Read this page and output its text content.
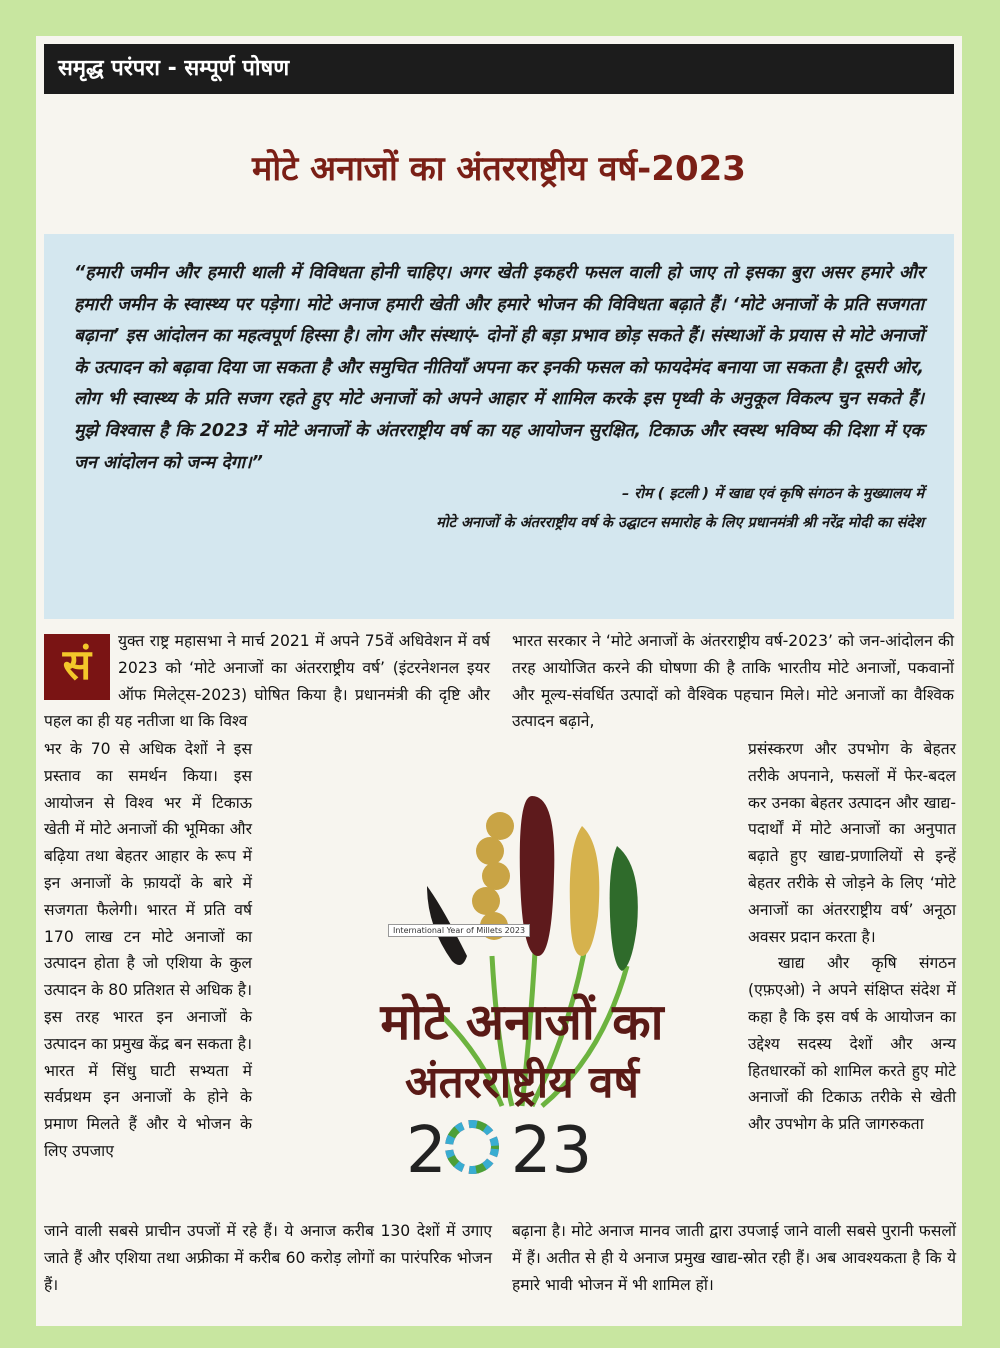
समृद्ध परंपरा - सम्पूर्ण पोषण
मोटे अनाजों का अंतरराष्ट्रीय वर्ष-2023

“हमारी जमीन और हमारी थाली में विविधता होनी चाहिए। अगर खेती इकहरी फसल वाली हो जाए तो इसका बुरा असर हमारे और हमारी जमीन के स्वास्थ्य पर पड़ेगा। मोटे अनाज हमारी खेती और हमारे भोजन की विविधता बढ़ाते हैं। ‘मोटे अनाजों के प्रति सजगता बढ़ाना’ इस आंदोलन का महत्वपूर्ण हिस्सा है। लोग और संस्थाएं- दोनों ही बड़ा प्रभाव छोड़ सकते हैं। संस्थाओं के प्रयास से मोटे अनाजों के उत्पादन को बढ़ावा दिया जा सकता है और समुचित नीतियाँ अपना कर इनकी फसल को फायदेमंद बनाया जा सकता है। दूसरी ओर, लोग भी स्वास्थ्य के प्रति सजग रहते हुए मोटे अनाजों को अपने आहार में शामिल करके इस पृथ्वी के अनुकूल विकल्प चुन सकते हैं। मुझे विश्वास है कि 2023 में मोटे अनाजों के अंतरराष्ट्रीय वर्ष का यह आयोजन सुरक्षित, टिकाऊ और स्वस्थ भविष्य की दिशा में एक जन आंदोलन को जन्म देगा।”

– रोम ( इटली ) में खाद्य एवं कृषि संगठन के मुख्यालय में
मोटे अनाजों के अंतरराष्ट्रीय वर्ष के उद्घाटन समारोह के लिए प्रधानमंत्री श्री नरेंद्र मोदी का संदेश
सं	युक्त राष्ट्र महासभा ने मार्च 2021 में अपने 75वें अधिवेशन में वर्ष 2023 को ‘मोटे अनाजों का अंतरराष्ट्रीय वर्ष’ (इंटरनेशनल इयर ऑफ मिलेट्स-2023) घोषित किया है। प्रधानमंत्री की दृष्टि और पहल का ही यह नतीजा था कि विश्व

भर के 70 से अधिक देशों ने इस प्रस्ताव का समर्थन किया। इस आयोजन से विश्व भर में टिकाऊ खेती में मोटे अनाजों की भूमिका और बढ़िया तथा बेहतर आहार के रूप में इन अनाजों के फ़ायदों के बारे में सजगता फैलेगी। भारत में प्रति वर्ष 170 लाख टन मोटे अनाजों का उत्पादन होता है जो एशिया के कुल उत्पादन के 80 प्रतिशत से अधिक है। इस तरह भारत इन अनाजों के उत्पादन का प्रमुख केंद्र बन सकता है। भारत में सिंधु घाटी सभ्यता में सर्वप्रथम इन अनाजों के होने के प्रमाण मिलते हैं और ये भोजन के लिए उपजाए

जाने वाली सबसे प्राचीन उपजों में रहे हैं। ये अनाज करीब 130 देशों में उगाए जाते हैं और एशिया तथा अफ्रीका में करीब 60 करोड़ लोगों का पारंपरिक भोजन हैं।

भारत सरकार ने ‘मोटे अनाजों के अंतरराष्ट्रीय वर्ष-2023’ को जन-आंदोलन की तरह आयोजित करने की घोषणा की है ताकि भारतीय मोटे अनाजों, पकवानों और मूल्य-संवर्धित उत्पादों को वैश्विक पहचान मिले। मोटे अनाजों का वैश्विक उत्पादन बढ़ाने,

प्रसंस्करण और उपभोग के बेहतर तरीके अपनाने, फसलों में फेर-बदल कर उनका बेहतर उत्पादन और खाद्य-पदार्थों में मोटे अनाजों का अनुपात बढ़ाते हुए खाद्य-प्रणालियों से इन्हें बेहतर तरीके से जोड़ने के लिए ‘मोटे अनाजों का अंतरराष्ट्रीय वर्ष’ अनूठा अवसर प्रदान करता है।

खाद्य और कृषि संगठन (एफ़एओ) ने अपने संक्षिप्त संदेश में कहा है कि इस वर्ष के आयोजन का उद्देश्य सदस्य देशों और अन्य हितधारकों को शामिल करते हुए मोटे अनाजों की टिकाऊ तरीके से खेती और उपभोग के प्रति जागरुकता

बढ़ाना है। मोटे अनाज मानव जाती द्वारा उपजाई जाने वाली सबसे पुरानी फसलों में हैं। अतीत से ही ये अनाज प्रमुख खाद्य-स्रोत रही हैं। अब आवश्यकता है कि ये हमारे भावी भोजन में भी शामिल हों।

International Year of Millets 2023
मोटे अनाजों का
अंतरराष्ट्रीय वर्ष
2 23
